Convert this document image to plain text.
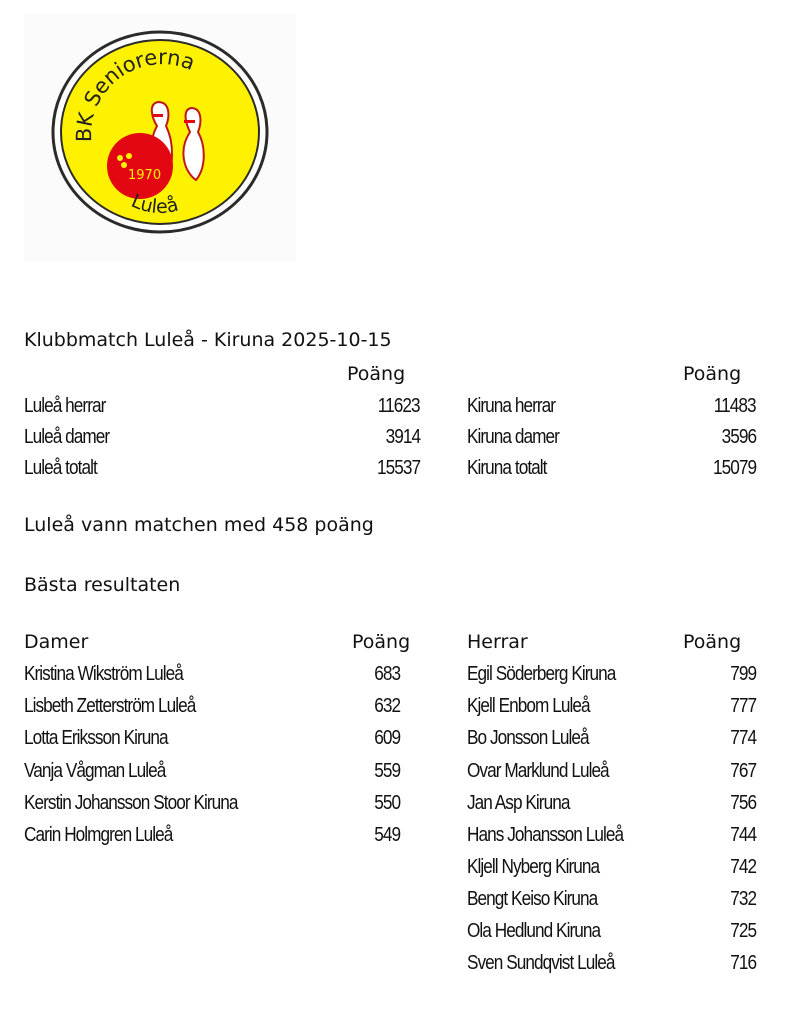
BK Seniorerna
1970
Luleå
Klubbmatch Luleå - Kiruna 2025-10-15
Poäng	Poäng
Luleå herrar	11623
Luleå damer	3914
Luleå totalt	15537
Kiruna herrar	11483
Kiruna damer	3596
Kiruna totalt	15079
Luleå vann matchen med 458 poäng
Bästa resultaten
Damer	Poäng	Herrar	Poäng
Kristina Wikström Luleå	683
Lisbeth Zetterström Luleå	632
Lotta Eriksson Kiruna	609
Vanja Vågman Luleå	559
Kerstin Johansson Stoor Kiruna	550
Carin Holmgren Luleå	549
Egil Söderberg Kiruna	799
Kjell Enbom Luleå	777
Bo Jonsson Luleå	774
Ovar Marklund Luleå	767
Jan Asp Kiruna	756
Hans Johansson Luleå	744
Kljell Nyberg Kiruna	742
Bengt Keiso Kiruna	732
Ola Hedlund Kiruna	725
Sven Sundqvist Luleå	716
